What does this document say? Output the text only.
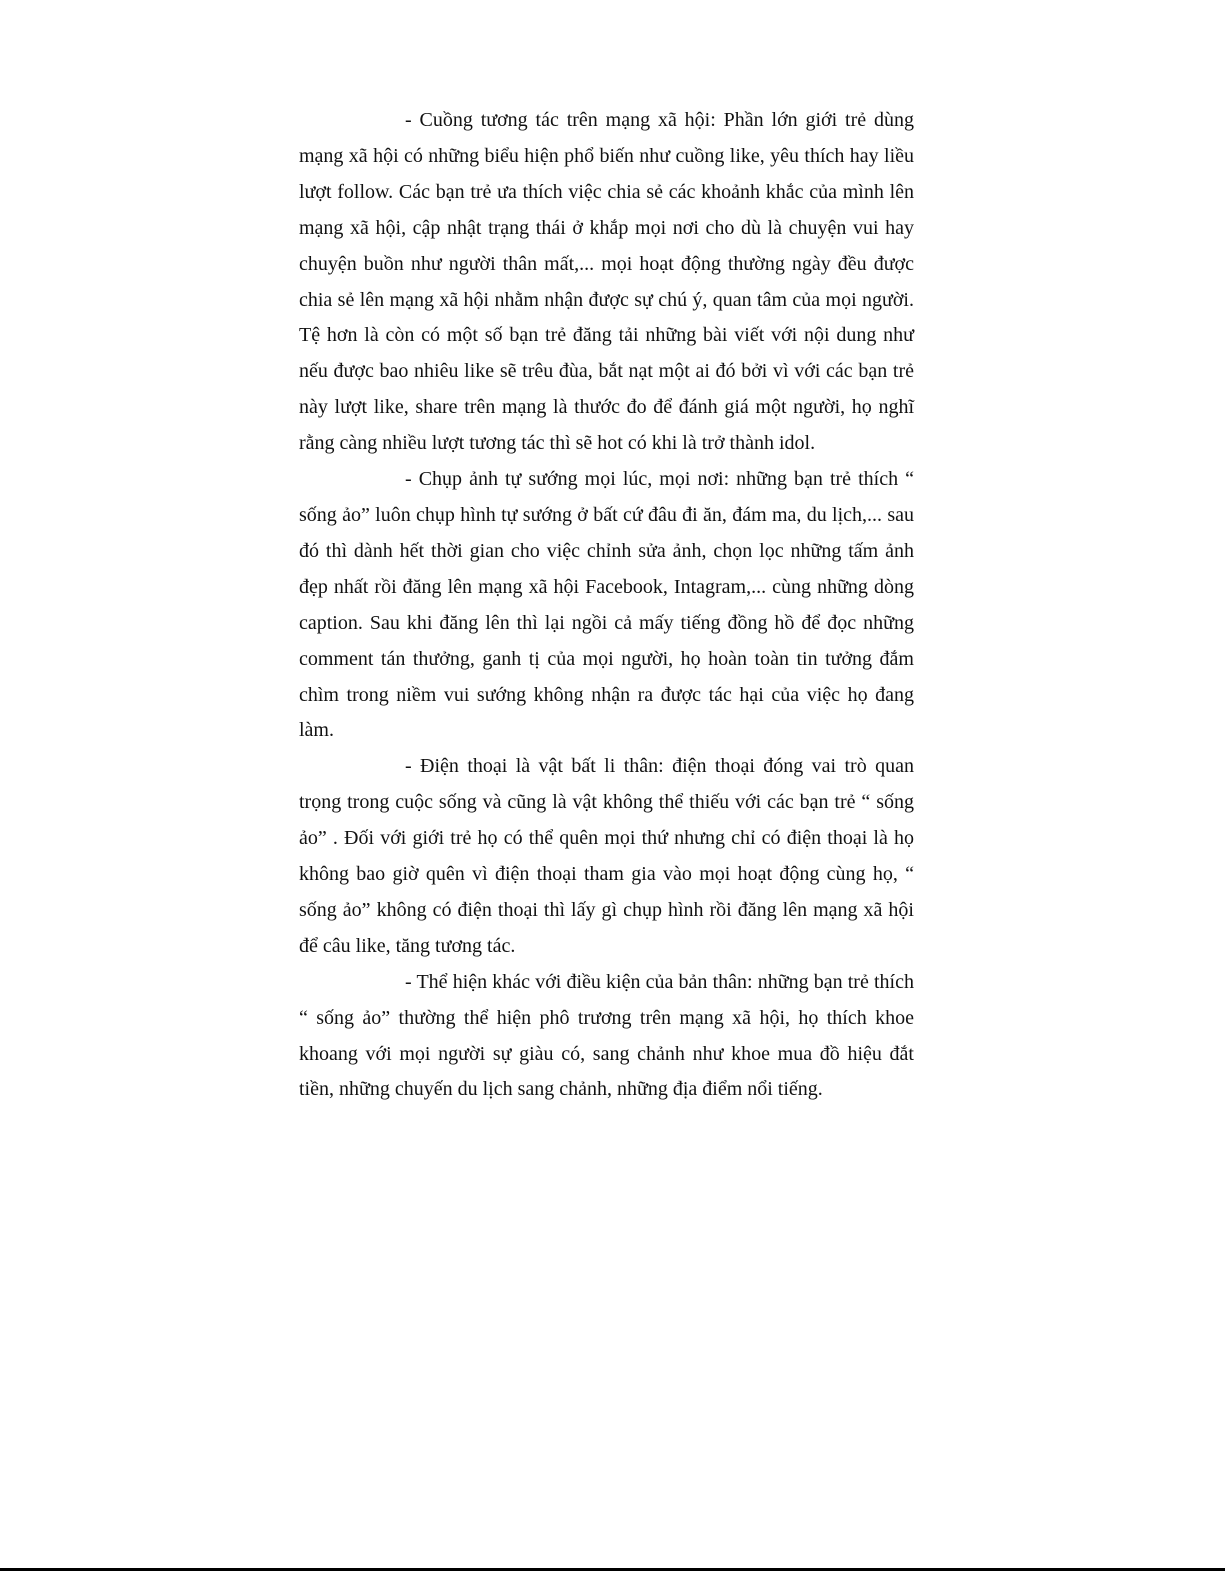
- Cuồng tương tác trên mạng xã hội: Phần lớn giới trẻ dùng mạng xã hội có những biểu hiện phổ biến như cuồng like, yêu thích hay liều lượt follow. Các bạn trẻ ưa thích việc chia sẻ các khoảnh khắc của mình lên mạng xã hội, cập nhật trạng thái ở khắp mọi nơi cho dù là chuyện vui hay chuyện buồn như người thân mất,... mọi hoạt động thường ngày đều được chia sẻ lên mạng xã hội nhằm nhận được sự chú ý, quan tâm của mọi người. Tệ hơn là còn có một số bạn trẻ đăng tải những bài viết với nội dung như nếu được bao nhiêu like sẽ trêu đùa, bắt nạt một ai đó bởi vì với các bạn trẻ này lượt like, share trên mạng là thước đo để đánh giá một người, họ nghĩ rằng càng nhiều lượt tương tác thì sẽ hot có khi là trở thành idol.

- Chụp ảnh tự sướng mọi lúc, mọi nơi: những bạn trẻ thích “ sống ảo” luôn chụp hình tự sướng ở bất cứ đâu đi ăn, đám ma, du lịch,... sau đó thì dành hết thời gian cho việc chỉnh sửa ảnh, chọn lọc những tấm ảnh đẹp nhất rồi đăng lên mạng xã hội Facebook, Intagram,... cùng những dòng caption. Sau khi đăng lên thì lại ngồi cả mấy tiếng đồng hồ để đọc những comment tán thưởng, ganh tị của mọi người, họ hoàn toàn tin tưởng đắm chìm trong niềm vui sướng không nhận ra được tác hại của việc họ đang làm.

- Điện thoại là vật bất li thân: điện thoại đóng vai trò quan trọng trong cuộc sống và cũng là vật không thể thiếu với các bạn trẻ “ sống ảo” . Đối với giới trẻ họ có thể quên mọi thứ nhưng chỉ có điện thoại là họ không bao giờ quên vì điện thoại tham gia vào mọi hoạt động cùng họ, “ sống ảo” không có điện thoại thì lấy gì chụp hình rồi đăng lên mạng xã hội để câu like, tăng tương tác.

- Thể hiện khác với điều kiện của bản thân: những bạn trẻ thích “ sống ảo” thường thể hiện phô trương trên mạng xã hội, họ thích khoe khoang với mọi người sự giàu có, sang chảnh như khoe mua đồ hiệu đắt tiền, những chuyến du lịch sang chảnh, những địa điểm nổi tiếng.
